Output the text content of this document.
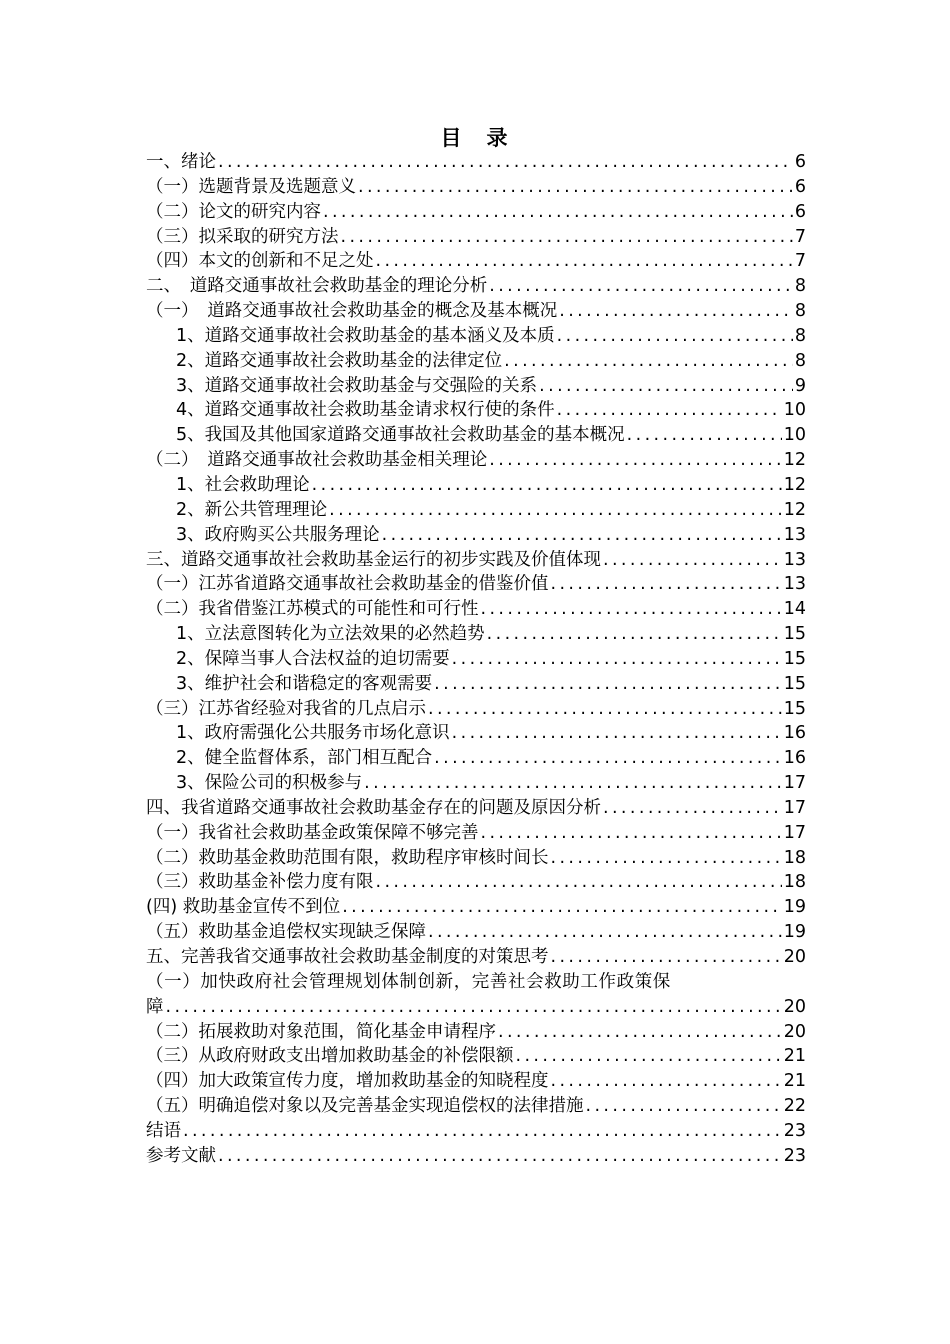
目　录
一、绪论 .....	6
（一）选题背景及选题意义 .....	6
（二）论文的研究内容 .....	6
（三）拟采取的研究方法 .....	7
（四）本文的创新和不足之处 .....	7
二、　道路交通事故社会救助基金的理论分析 .....	8
（一）　道路交通事故社会救助基金的概念及基本概况 .....	8
1、道路交通事故社会救助基金的基本涵义及本质 .....	8
2、道路交通事故社会救助基金的法律定位 .....	8
3、道路交通事故社会救助基金与交强险的关系 .....	9
4、道路交通事故社会救助基金请求权行使的条件 .....	10
5、我国及其他国家道路交通事故社会救助基金的基本概况 .....	10
（二）　道路交通事故社会救助基金相关理论 .....	12
1、社会救助理论 .....	12
2、新公共管理理论 .....	12
3、政府购买公共服务理论 .....	13
三、道路交通事故社会救助基金运行的初步实践及价值体现 .....	13
（一）江苏省道路交通事故社会救助基金的借鉴价值 .....	13
（二）我省借鉴江苏模式的可能性和可行性 .....	14
1、立法意图转化为立法效果的必然趋势 .....	15
2、保障当事人合法权益的迫切需要 .....	15
3、维护社会和谐稳定的客观需要 .....	15
（三）江苏省经验对我省的几点启示 .....	15
1、政府需强化公共服务市场化意识 .....	16
2、健全监督体系，部门相互配合 .....	16
3、保险公司的积极参与 .....	17
四、我省道路交通事故社会救助基金存在的问题及原因分析 .....	17
（一）我省社会救助基金政策保障不够完善 .....	17
（二）救助基金救助范围有限，救助程序审核时间长 .....	18
（三）救助基金补偿力度有限 .....	18
(四) 救助基金宣传不到位 .....	19
（五）救助基金追偿权实现缺乏保障 .....	19
五、完善我省交通事故社会救助基金制度的对策思考 .....	20
（一）加快政府社会管理规划体制创新，完善社会救助工作政策保
障 .....	20
（二）拓展救助对象范围，简化基金申请程序 .....	20
（三）从政府财政支出增加救助基金的补偿限额 .....	21
（四）加大政策宣传力度，增加救助基金的知晓程度 .....	21
（五）明确追偿对象以及完善基金实现追偿权的法律措施 .....	22
结语 .....	23
参考文献 .....	23
